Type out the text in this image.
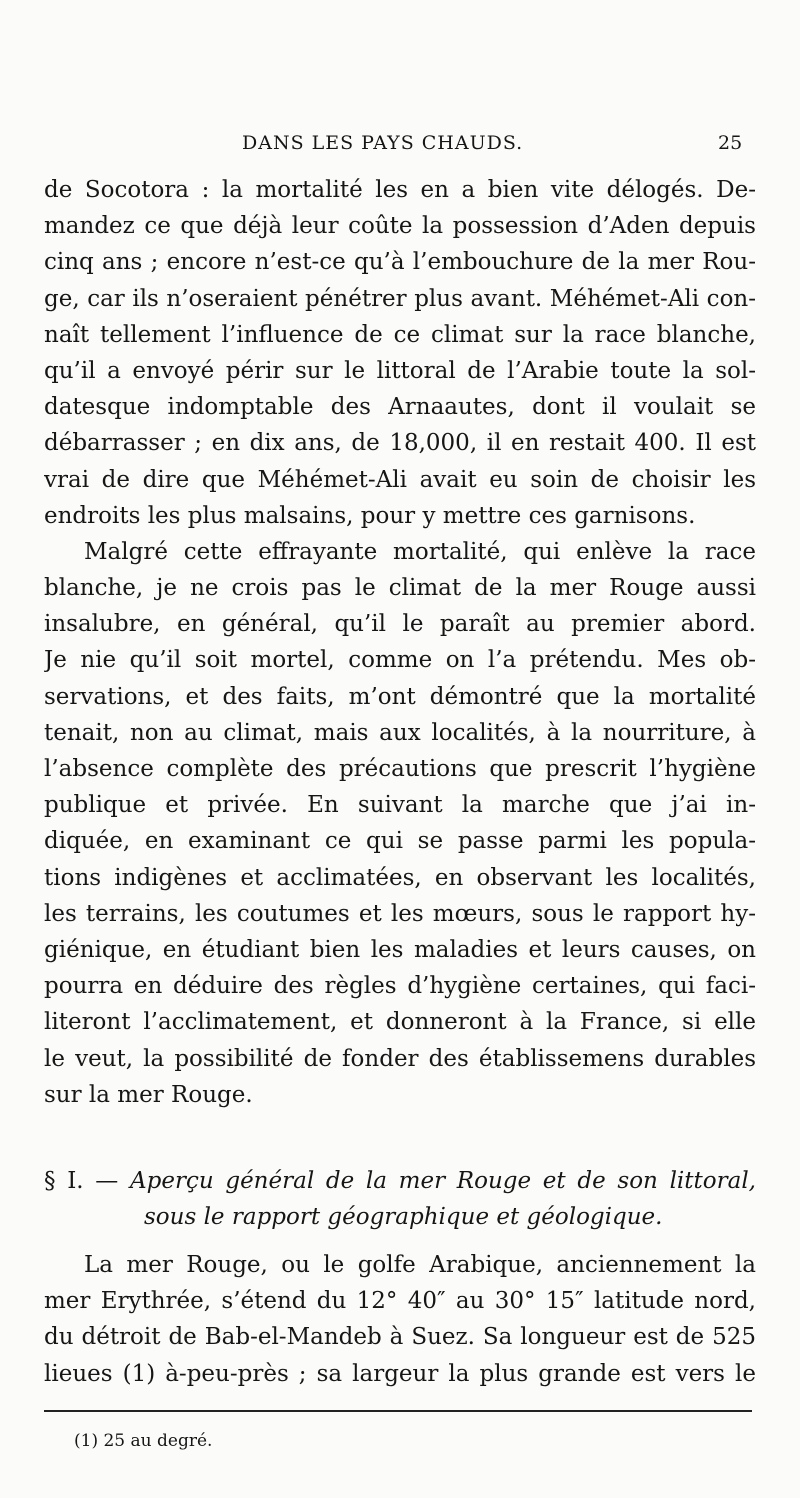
DANS LES PAYS CHAUDS.	25
de Socotora : la mortalité les en a bien vite délogés. De-
mandez ce que déjà leur coûte la possession d’Aden depuis
cinq ans ; encore n’est-ce qu’à l’embouchure de la mer Rou-
ge, car ils n’oseraient pénétrer plus avant. Méhémet-Ali con-
naît tellement l’influence de ce climat sur la race blanche,
qu’il a envoyé périr sur le littoral de l’Arabie toute la sol-
datesque indomptable des Arnaautes, dont il voulait se
débarrasser ; en dix ans, de 18,000, il en restait 400. Il est
vrai de dire que Méhémet-Ali avait eu soin de choisir les
endroits les plus malsains, pour y mettre ces garnisons.
Malgré cette effrayante mortalité, qui enlève la race
blanche, je ne crois pas le climat de la mer Rouge aussi
insalubre, en général, qu’il le paraît au premier abord.
Je nie qu’il soit mortel, comme on l’a prétendu. Mes ob-
servations, et des faits, m’ont démontré que la mortalité
tenait, non au climat, mais aux localités, à la nourriture, à
l’absence complète des précautions que prescrit l’hygiène
publique et privée. En suivant la marche que j’ai in-
diquée, en examinant ce qui se passe parmi les popula-
tions indigènes et acclimatées, en observant les localités,
les terrains, les coutumes et les mœurs, sous le rapport hy-
giénique, en étudiant bien les maladies et leurs causes, on
pourra en déduire des règles d’hygiène certaines, qui faci-
literont l’acclimatement, et donneront à la France, si elle
le veut, la possibilité de fonder des établissemens durables
sur la mer Rouge.
§ I. — Aperçu général de la mer Rouge et de son littoral,
sous le rapport géographique et géologique.
La mer Rouge, ou le golfe Arabique, anciennement la
mer Erythrée, s’étend du 12° 40″ au 30° 15″ latitude nord,
du détroit de Bab-el-Mandeb à Suez. Sa longueur est de 525
lieues (1) à-peu-près ; sa largeur la plus grande est vers le
(1) 25 au degré.
